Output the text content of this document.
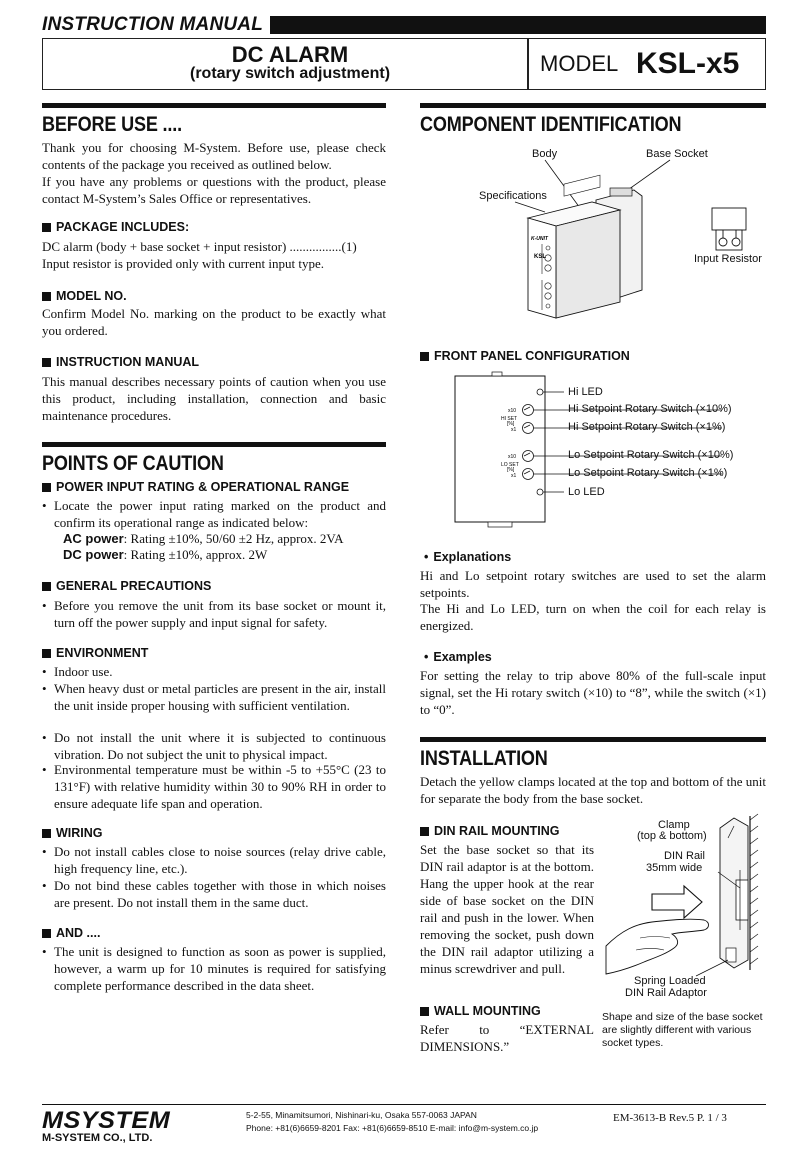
INSTRUCTION MANUAL
DC ALARM
(rotary switch adjustment)	MODEL KSL-x5
BEFORE USE ....
Thank you for choosing M-System. Before use, please check contents of the package you received as outlined below.
If you have any problems or questions with the product, please contact M-System’s Sales Office or representatives.
PACKAGE INCLUDES:
DC alarm (body + base socket + input resistor) ................(1)
Input resistor is provided only with current input type.
MODEL NO.
Confirm Model No. marking on the product to be exactly what you ordered.
INSTRUCTION MANUAL
This manual describes necessary points of caution when you use this product, including installation, connection and basic maintenance procedures.
POINTS OF CAUTION
POWER INPUT RATING & OPERATIONAL RANGE
• Locate the power input rating marked on the product and confirm its operational range as indicated below:
AC power: Rating ±10%, 50/60 ±2 Hz, approx. 2VA
DC power: Rating ±10%, approx. 2W
GENERAL PRECAUTIONS
• Before you remove the unit from its base socket or mount it, turn off the power supply and input signal for safety.
ENVIRONMENT
• Indoor use.
• When heavy dust or metal particles are present in the air, install the unit inside proper housing with sufficient ventilation.
• Do not install the unit where it is subjected to continuous vibration. Do not subject the unit to physical impact.
• Environmental temperature must be within -5 to +55°C (23 to 131°F) with relative humidity within 30 to 90% RH in order to ensure adequate life span and operation.
WIRING
• Do not install cables close to noise sources (relay drive cable, high frequency line, etc.).
• Do not bind these cables together with those in which noises are present. Do not install them in the same duct.
AND ....
• The unit is designed to function as soon as power is supplied, however, a warm up for 10 minutes is required for satisfying complete performance described in the data sheet.
COMPONENT IDENTIFICATION
K-UNIT
KSL
Body	Base Socket
Specifications
Input Resistor
FRONT PANEL CONFIGURATION
x10
HI SET
[%]
x1
x10
LO SET
[%]
x1
Hi LED
Hi Setpoint Rotary Switch (×10%)
Hi Setpoint Rotary Switch (×1%)
Lo Setpoint Rotary Switch (×10%)
Lo Setpoint Rotary Switch (×1%)
Lo LED
• Explanations
Hi and Lo setpoint rotary switches are used to set the alarm setpoints.
The Hi and Lo LED, turn on when the coil for each relay is energized.
• Examples
For setting the relay to trip above 80% of the full-scale input signal, set the Hi rotary switch (×10) to “8”, while the switch (×1) to “0”.
INSTALLATION
Detach the yellow clamps located at the top and bottom of the unit for separate the body from the base socket.
DIN RAIL MOUNTING
Set the base socket so that its DIN rail adaptor is at the bottom. Hang the upper hook at the rear side of base socket on the DIN rail and push in the lower. When removing the socket, push down the DIN rail adaptor utilizing a minus screwdriver and pull.
WALL MOUNTING
Refer to “EXTERNAL DIMENSIONS.”
Clamp
(top & bottom)
DIN Rail
35mm wide
Spring Loaded
DIN Rail Adaptor
Shape and size of the base socket are slightly different with various socket types.
MSYSTEM
M-SYSTEM CO., LTD.
5-2-55, Minamitsumori, Nishinari-ku, Osaka 557-0063 JAPAN
Phone: +81(6)6659-8201 Fax: +81(6)6659-8510 E-mail: info@m-system.co.jp
EM-3613-B Rev.5 P. 1 / 3
